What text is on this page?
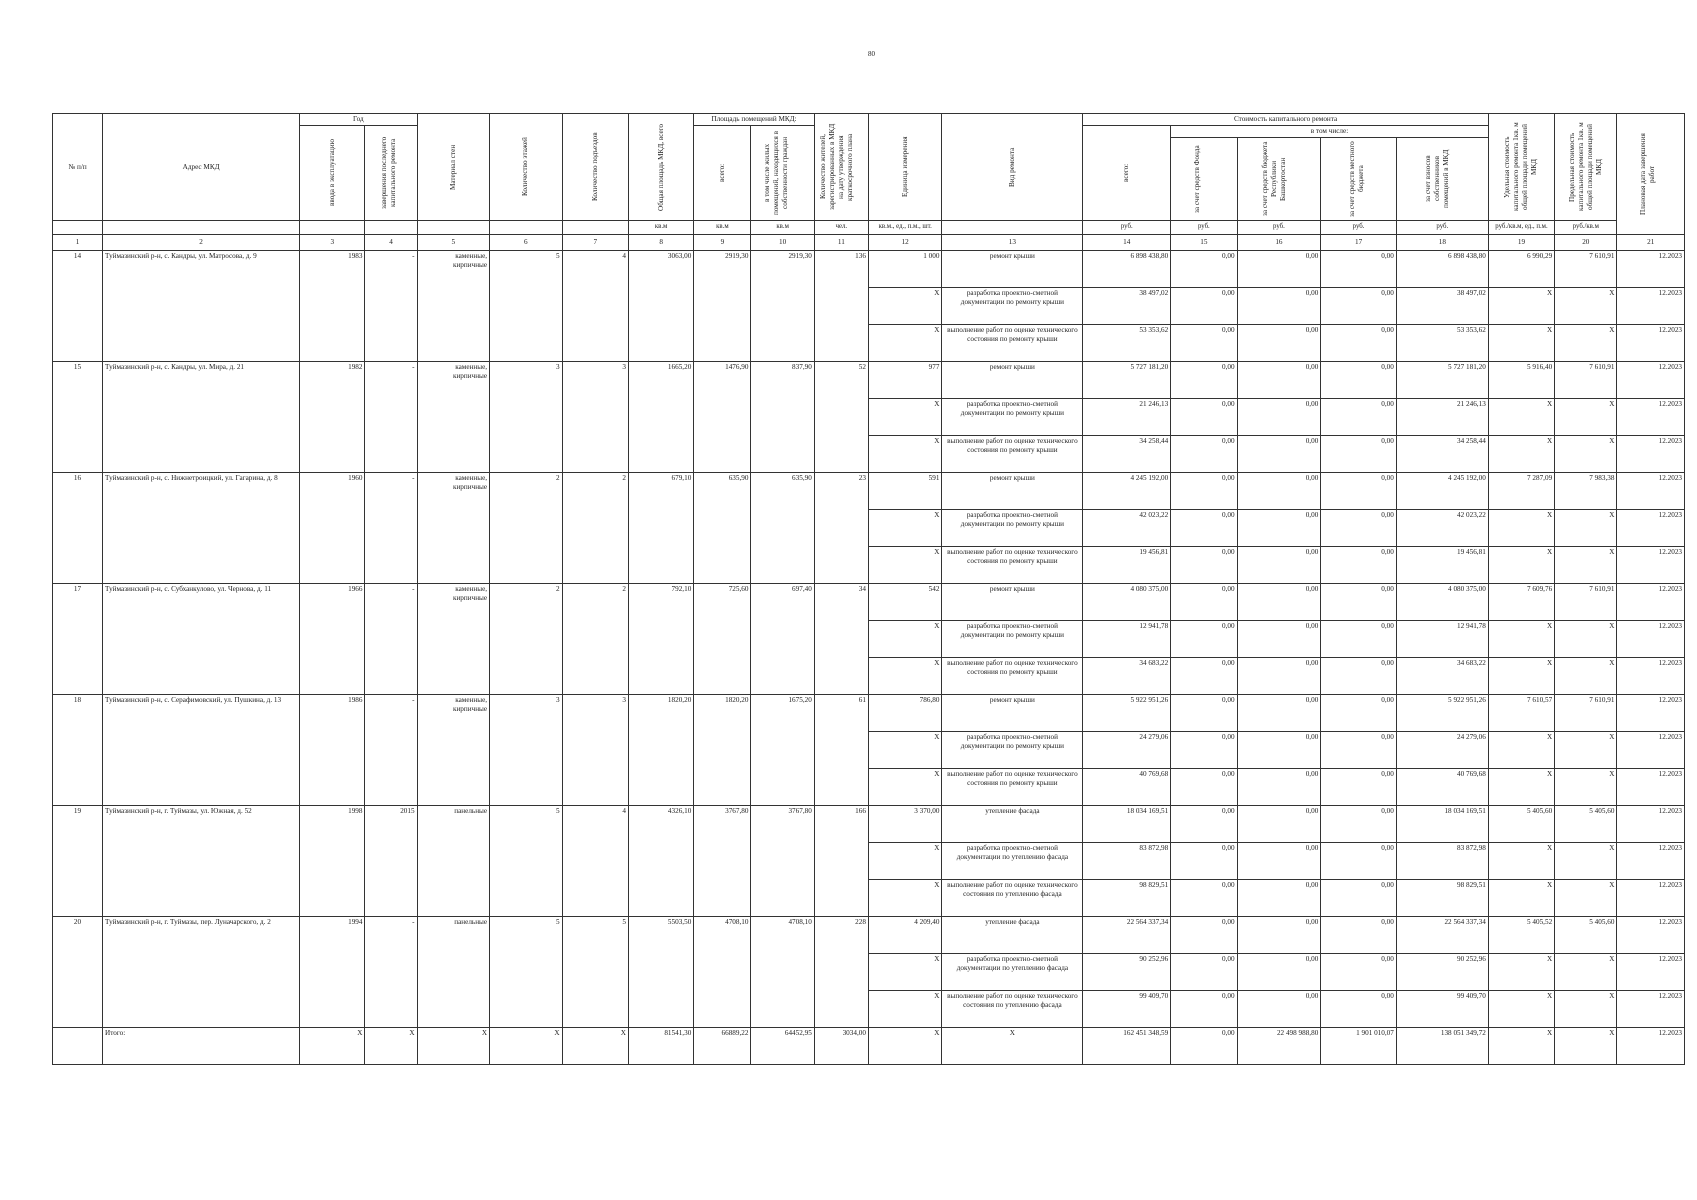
80
№ п/п	Адрес МКД	Год		Материал стен	Количество этажей	Количество подъездов	Общая площадь МКД, всего	Площадь помещений МКД:		Количество жителей, зарегистрированных в МКД на дату утверждения краткосрочного плана	Единица измерения	Вид ремонта	Стоимость капитального ремонта					Удельная стоимость капитального ремонта 1кв. м общей площади помещений МКД	Предельная стоимость капитального ремонта 1кв. м общей площади помещений МКД	Плановая дата завершения работ

		ввода в эксплуатацию	завершения последнего капитального ремонта					всего:	в том числе жилых помещений, находящихся в собственности граждан				всего:	в том числе:						

														за счет средств Фонда	за счет средств бюджета Республики Башкортостан	за счет средств местного бюджета	за счет взносов собственников помещений в МКД			

							кв.м	кв.м	кв.м	чел.	кв.м., ед., п.м., шт.		руб.	руб.	руб.	руб.	руб.	руб./кв.м, ед., п.м.	руб./кв.м	
1	2	3	4	5	6	7	8	9	10	11	12	13	14	15	16	17	18	19	20	21
14	Туймазинский р-н, с. Кандры, ул. Матросова, д. 9	1983	-	каменные, кирпичные	5	4	3063,00	2919,30	2919,30	136	1 000	ремонт крыши	6 898 438,80	0,00	0,00	0,00	6 898 438,80	6 990,29	7 610,91	12.2023
											X	разработка проектно-сметной документации по ремонту крыши	38 497,02	0,00	0,00	0,00	38 497,02	X	X	12.2023
											X	выполнение работ по оценке технического состояния по ремонту крыши	53 353,62	0,00	0,00	0,00	53 353,62	X	X	12.2023
15	Туймазинский р-н, с. Кандры, ул. Мира, д. 21	1982	-	каменные, кирпичные	3	3	1665,20	1476,90	837,90	52	977	ремонт крыши	5 727 181,20	0,00	0,00	0,00	5 727 181,20	5 916,40	7 610,91	12.2023
											X	разработка проектно-сметной документации по ремонту крыши	21 246,13	0,00	0,00	0,00	21 246,13	X	X	12.2023
											X	выполнение работ по оценке технического состояния по ремонту крыши	34 258,44	0,00	0,00	0,00	34 258,44	X	X	12.2023
16	Туймазинский р-н, с. Нижнетроицкий, ул. Гагарина, д. 8	1960	-	каменные, кирпичные	2	2	679,10	635,90	635,90	23	591	ремонт крыши	4 245 192,00	0,00	0,00	0,00	4 245 192,00	7 287,09	7 983,38	12.2023
											X	разработка проектно-сметной документации по ремонту крыши	42 023,22	0,00	0,00	0,00	42 023,22	X	X	12.2023
											X	выполнение работ по оценке технического состояния по ремонту крыши	19 456,81	0,00	0,00	0,00	19 456,81	X	X	12.2023
17	Туймазинский р-н, с. Субханкулово, ул. Чернова, д. 11	1966	-	каменные, кирпичные	2	2	792,10	725,60	697,40	34	542	ремонт крыши	4 080 375,00	0,00	0,00	0,00	4 080 375,00	7 609,76	7 610,91	12.2023
											X	разработка проектно-сметной документации по ремонту крыши	12 941,78	0,00	0,00	0,00	12 941,78	X	X	12.2023
											X	выполнение работ по оценке технического состояния по ремонту крыши	34 683,22	0,00	0,00	0,00	34 683,22	X	X	12.2023
18	Туймазинский р-н, с. Серафимовский, ул. Пушкина, д. 13	1986	-	каменные, кирпичные	3	3	1820,20	1820,20	1675,20	61	786,80	ремонт крыши	5 922 951,26	0,00	0,00	0,00	5 922 951,26	7 610,57	7 610,91	12.2023
											X	разработка проектно-сметной документации по ремонту крыши	24 279,06	0,00	0,00	0,00	24 279,06	X	X	12.2023
											X	выполнение работ по оценке технического состояния по ремонту крыши	40 769,68	0,00	0,00	0,00	40 769,68	X	X	12.2023
19	Туймазинский р-н, г. Туймазы, ул. Южная, д. 52	1998	2015	панельные	5	4	4326,10	3767,80	3767,80	166	3 370,00	утепление фасада	18 034 169,51	0,00	0,00	0,00	18 034 169,51	5 405,60	5 405,60	12.2023
											X	разработка проектно-сметной документации по утеплению фасада	83 872,98	0,00	0,00	0,00	83 872,98	X	X	12.2023
											X	выполнение работ по оценке технического состояния по утеплению фасада	98 829,51	0,00	0,00	0,00	98 829,51	X	X	12.2023
20	Туймазинский р-н, г. Туймазы, пер. Луначарского, д. 2	1994	-	панельные	5	5	5503,50	4708,10	4708,10	228	4 209,40	утепление фасада	22 564 337,34	0,00	0,00	0,00	22 564 337,34	5 405,52	5 405,60	12.2023
											X	разработка проектно-сметной документации по утеплению фасада	90 252,96	0,00	0,00	0,00	90 252,96	X	X	12.2023
											X	выполнение работ по оценке технического состояния по утеплению фасада	99 409,70	0,00	0,00	0,00	99 409,70	X	X	12.2023
	Итого:	X	X	X	X	X	81541,30	66889,22	64452,95	3034,00	X	X	162 451 348,59	0,00	22 498 988,80	1 901 010,07	138 051 349,72	X	X	12.2023
